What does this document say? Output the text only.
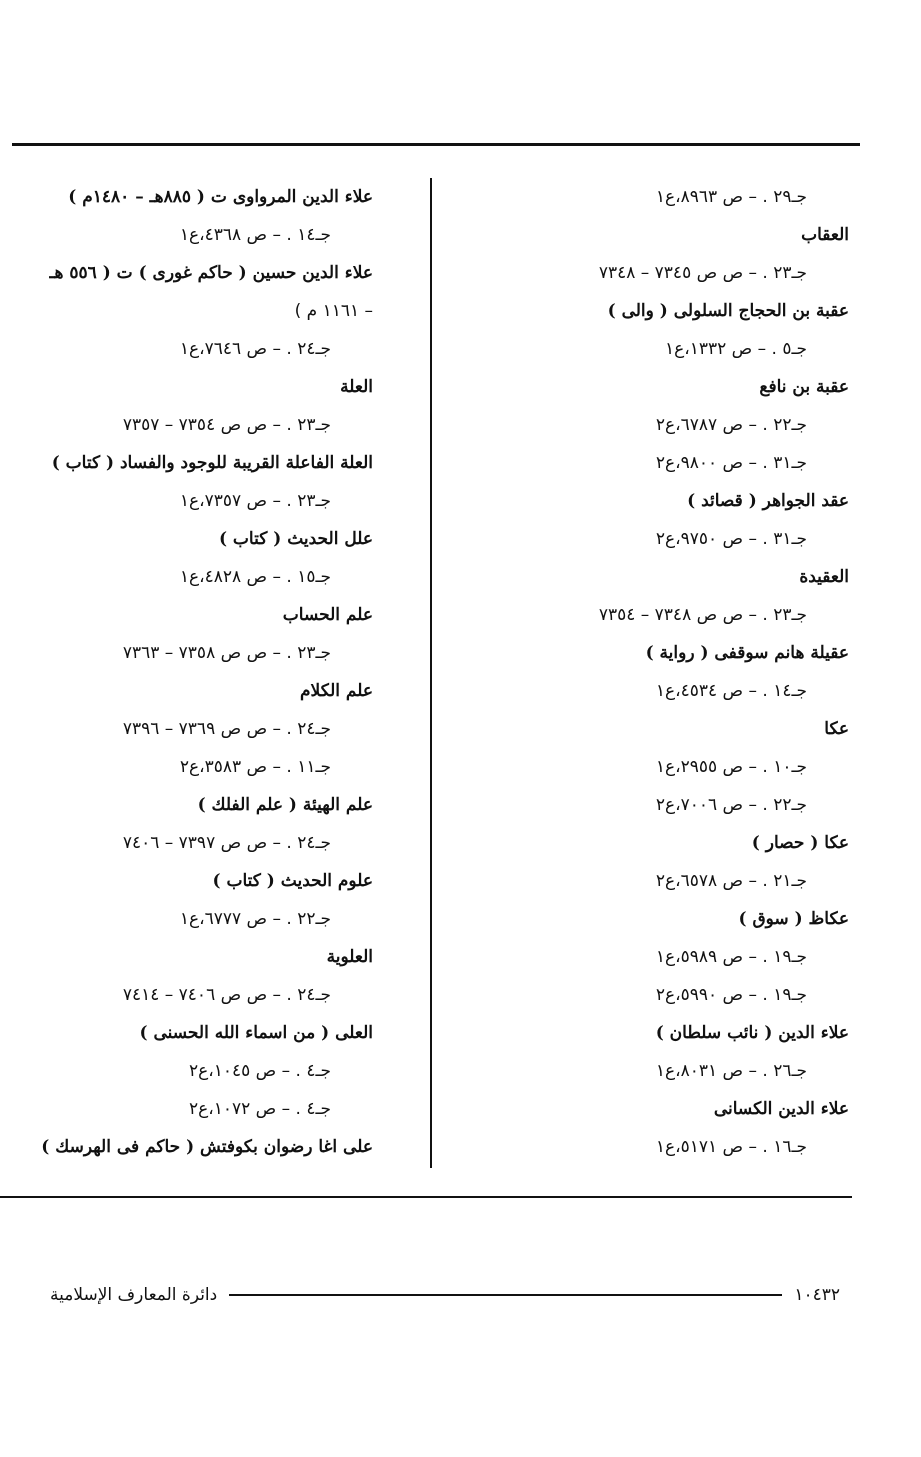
جـ٢٩ . – ص ٨٩٦٣،ع١
العقاب
جـ٢٣ . – ص ص ٧٣٤٥ – ٧٣٤٨
عقبة بن الحجاج السلولى ( والى )
جـ٥ . – ص ١٣٣٢،ع١
عقبة بن نافع
جـ٢٢ . – ص ٦٧٨٧،ع٢
جـ٣١ . – ص ٩٨٠٠،ع٢
عقد الجواهر ( قصائد )
جـ٣١ . – ص ٩٧٥٠،ع٢
العقيدة
جـ٢٣ . – ص ص ٧٣٤٨ – ٧٣٥٤
عقيلة هانم سوقفى ( رواية )
جـ١٤ . – ص ٤٥٣٤،ع١
عكا
جـ١٠ . – ص ٢٩٥٥،ع١
جـ٢٢ . – ص ٧٠٠٦،ع٢
عكا ( حصار )
جـ٢١ . – ص ٦٥٧٨،ع٢
عكاظ ( سوق )
جـ١٩ . – ص ٥٩٨٩،ع١
جـ١٩ . – ص ٥٩٩٠،ع٢
علاء الدين ( نائب سلطان )
جـ٢٦ . – ص ٨٠٣١،ع١
علاء الدين الكسانى
جـ١٦ . – ص ٥١٧١،ع١
علاء الدين المرواوى ت ( ٨٨٥هـ – ١٤٨٠م )
جـ١٤ . – ص ٤٣٦٨،ع١
علاء الدين حسين ( حاكم غورى ) ت ( ٥٥٦ هـ
– ١١٦١ م )
جـ٢٤ . – ص ٧٦٤٦،ع١
العلة
جـ٢٣ . – ص ص ٧٣٥٤ – ٧٣٥٧
العلة الفاعلة القريبة للوجود والفساد ( كتاب )
جـ٢٣ . – ص ٧٣٥٧،ع١
علل الحديث ( كتاب )
جـ١٥ . – ص ٤٨٢٨،ع١
علم الحساب
جـ٢٣ . – ص ص ٧٣٥٨ – ٧٣٦٣
علم الكلام
جـ٢٤ . – ص ص ٧٣٦٩ – ٧٣٩٦
جـ١١ . – ص ٣٥٨٣،ع٢
علم الهيئة ( علم الفلك )
جـ٢٤ . – ص ص ٧٣٩٧ – ٧٤٠٦
علوم الحديث ( كتاب )
جـ٢٢ . – ص ٦٧٧٧،ع١
العلوية
جـ٢٤ . – ص ص ٧٤٠٦ – ٧٤١٤
العلى ( من اسماء الله الحسنى )
جـ٤ . – ص ١٠٤٥،ع٢
جـ٤ . – ص ١٠٧٢،ع٢
على اغا رضوان بكوفتش ( حاكم فى الهرسك )
١٠٤٣٢
دائرة المعارف الإسلامية
